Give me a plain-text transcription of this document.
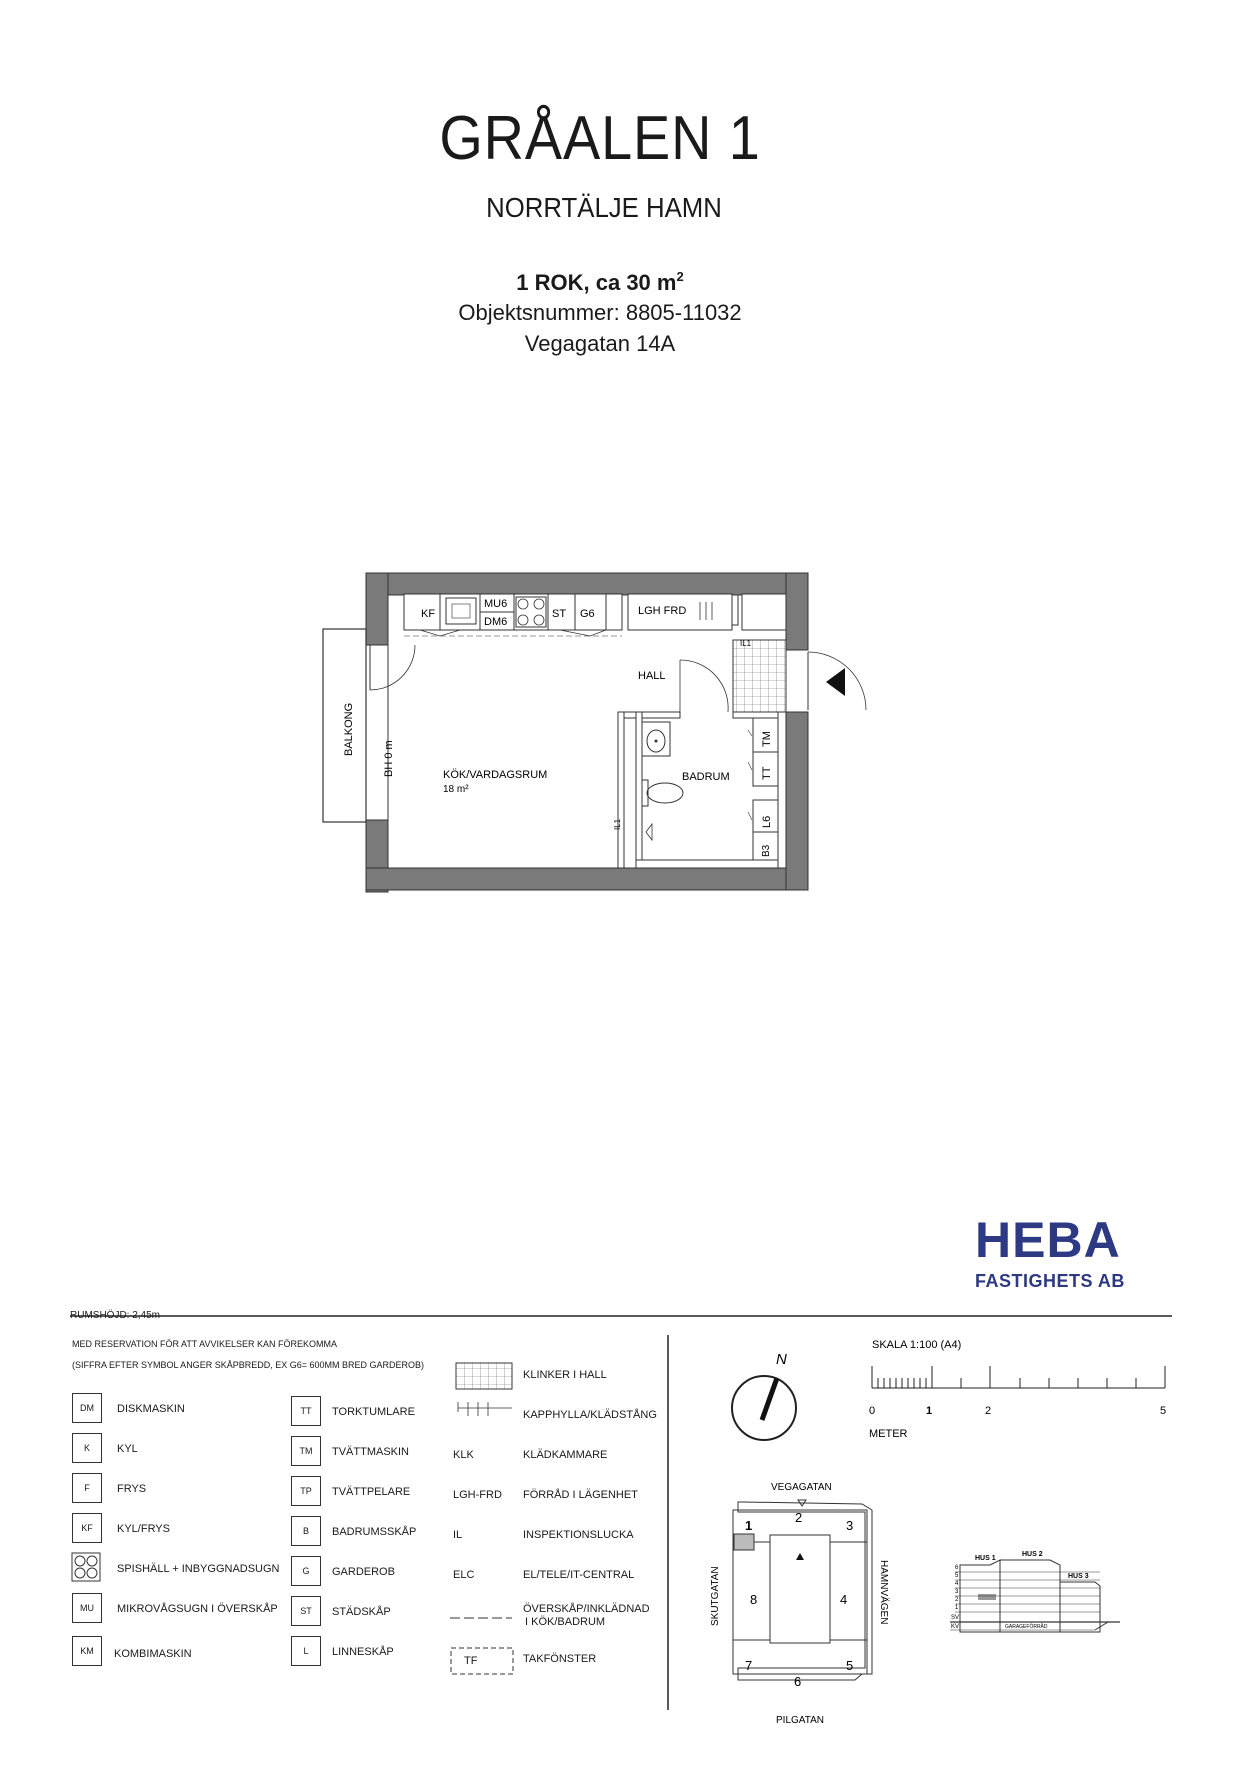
GRÅALEN 1
NORRTÄLJE HAMN
1 ROK, ca 30 $m^2$
Objektsnummer: 8805-11032
Vegagatan 14A
KF
MU6
DM6
ST G6	LGH FRD
IL1
HALL
BALKONG
BH 0 m	KÖK/VARDAGSRUM
18 m²
BADRUM
TM
TT
L6
B3
IL1
N
SKALA 1:100 (A4)
0	1	2	5
METER
VEGAGATAN
PILGATAN
SKUTGATAN	HAMNVÄGEN
1
2
3
4
5
6
7
8
HUS 1
HUS 2
HUS 3
6
5
4
3
2
1
SV
KV	GARAGEFÖRRÅD
HEBA
FASTIGHETS AB
RUMSHÖJD: 2,45m
MED RESERVATION FÖR ATT AVVIKELSER KAN FÖREKOMMA
(SIFFRA EFTER SYMBOL ANGER SKÅPBREDD, EX G6= 600MM BRED GARDEROB)
DM	DISKMASKIN
K	KYL
F	FRYS
KF	KYL/FRYS
SPISHÄLL + INBYGGNADSUGN
MU	MIKROVÅGSUGN I ÖVERSKÅP
KM	KOMBIMASKIN
TT	TORKTUMLARE
TM	TVÄTTMASKIN
TP	TVÄTTPELARE
B	BADRUMSSKÅP
G	GARDEROB
ST	STÄDSKÅP
L	LINNESKÅP
KLINKER I HALL
KAPPHYLLA/KLÄDSTÅNG
KLK	KLÄDKAMMARE
LGH-FRD FÖRRÅD I LÄGENHET
IL	INSPEKTIONSLUCKA
ELC	EL/TELE/IT-CENTRAL
ÖVERSKÅP/INKLÄDNAD
I KÖK/BADRUM
TF	TAKFÖNSTER
